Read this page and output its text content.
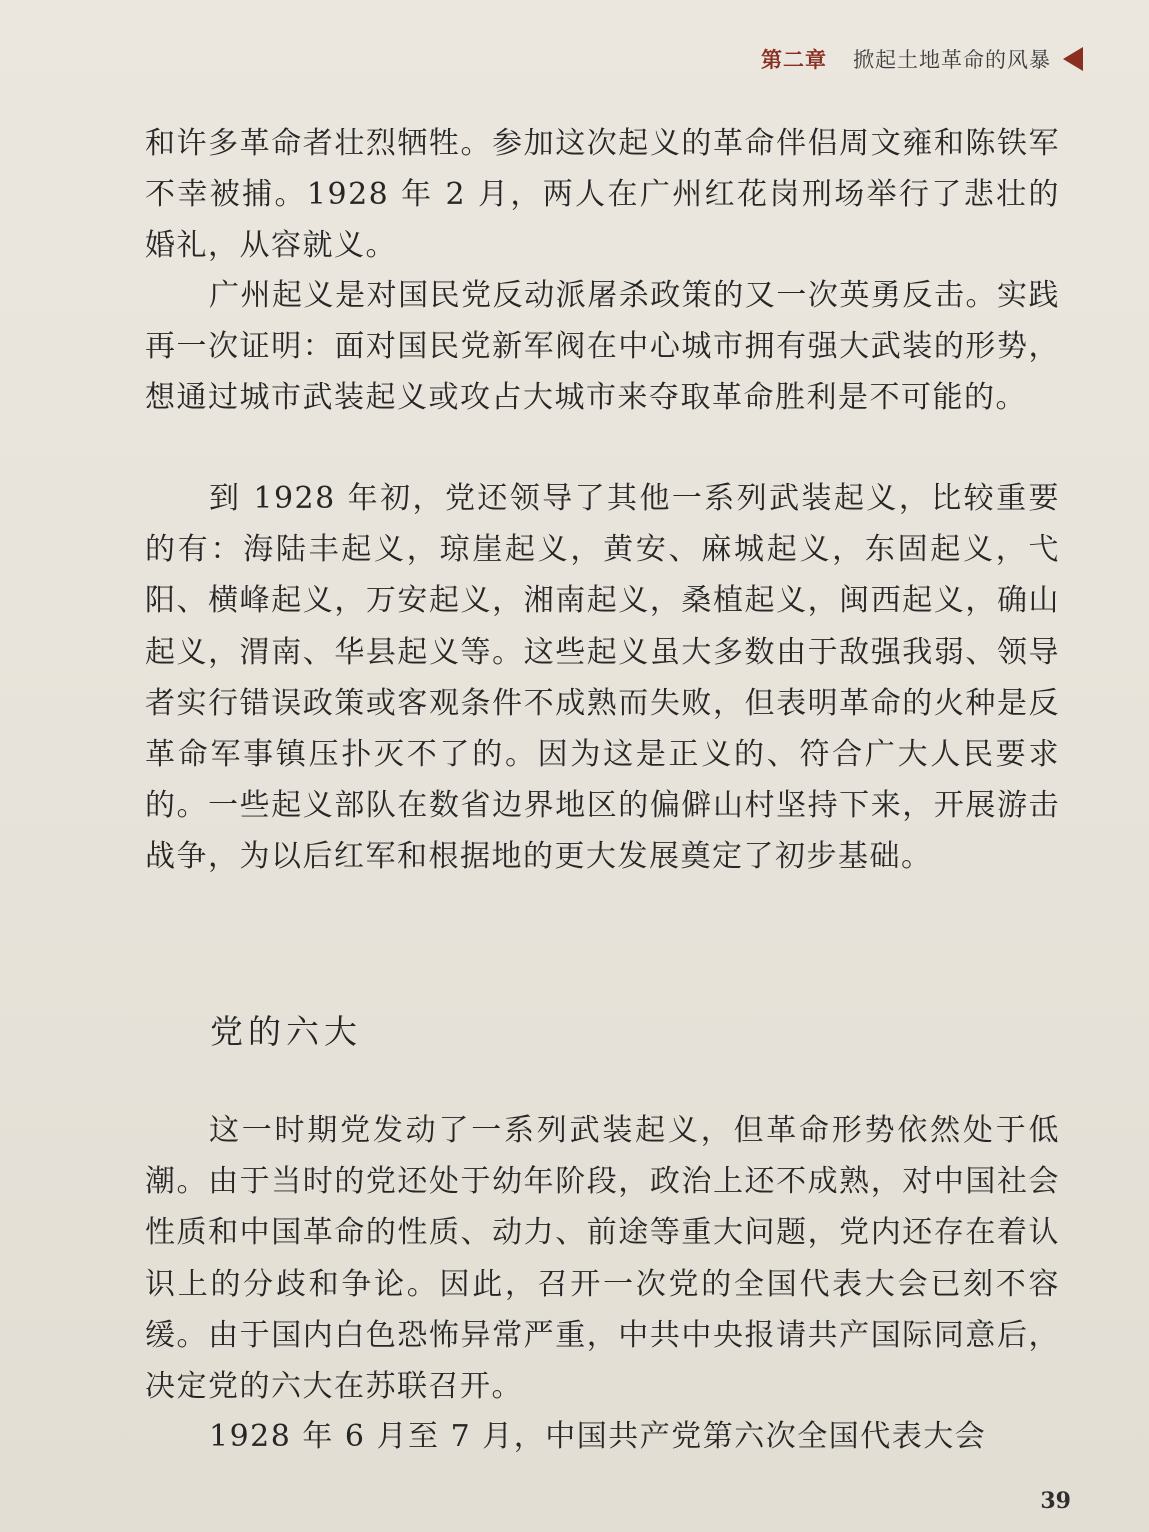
第二章 掀起土地革命的风暴

和许多革命者壮烈牺牲。参加这次起义的革命伴侣周文雍和陈铁军不幸被捕。1928 年 2 月，两人在广州红花岗刑场举行了悲壮的婚礼，从容就义。

广州起义是对国民党反动派屠杀政策的又一次英勇反击。实践再一次证明：面对国民党新军阀在中心城市拥有强大武装的形势，想通过城市武装起义或攻占大城市来夺取革命胜利是不可能的。

到 1928 年初，党还领导了其他一系列武装起义，比较重要的有：海陆丰起义，琼崖起义，黄安、麻城起义，东固起义，弋阳、横峰起义，万安起义，湘南起义，桑植起义，闽西起义，确山起义，渭南、华县起义等。这些起义虽大多数由于敌强我弱、领导者实行错误政策或客观条件不成熟而失败，但表明革命的火种是反革命军事镇压扑灭不了的。因为这是正义的、符合广大人民要求的。一些起义部队在数省边界地区的偏僻山村坚持下来，开展游击战争，为以后红军和根据地的更大发展奠定了初步基础。

党的六大

这一时期党发动了一系列武装起义，但革命形势依然处于低潮。由于当时的党还处于幼年阶段，政治上还不成熟，对中国社会性质和中国革命的性质、动力、前途等重大问题，党内还存在着认识上的分歧和争论。因此，召开一次党的全国代表大会已刻不容缓。由于国内白色恐怖异常严重，中共中央报请共产国际同意后，决定党的六大在苏联召开。

1928 年 6 月至 7 月，中国共产党第六次全国代表大会

39
